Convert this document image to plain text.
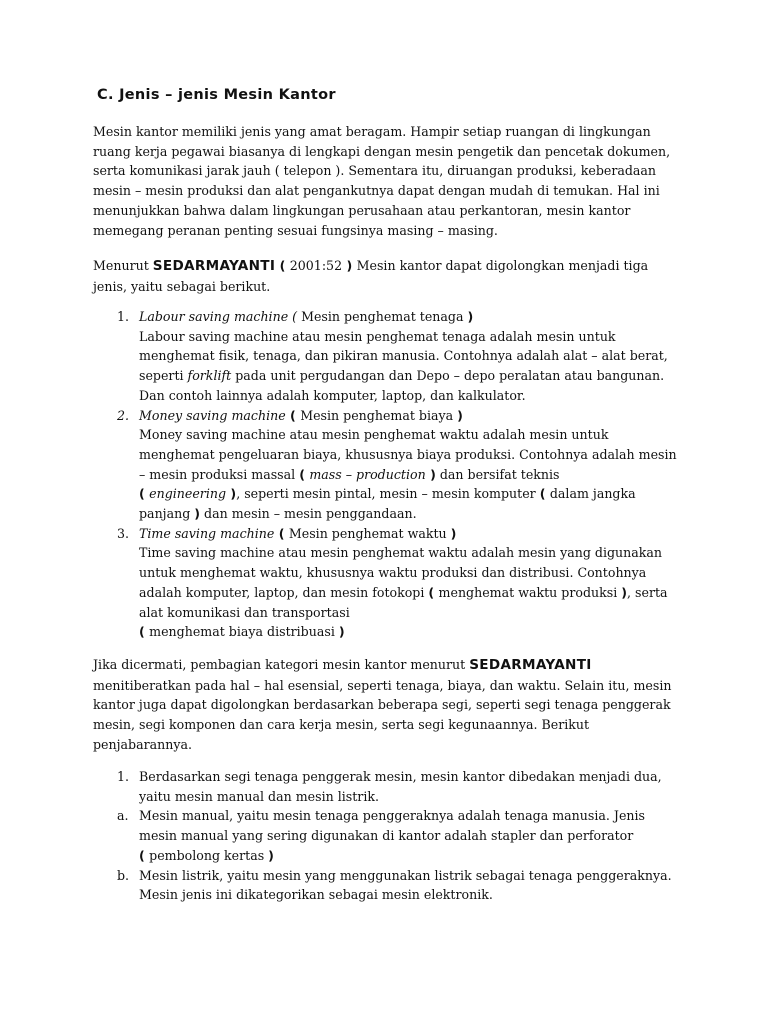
C. Jenis – jenis Mesin Kantor

Mesin kantor memiliki jenis yang amat beragam. Hampir setiap ruangan di lingkungan ruang kerja pegawai biasanya di lengkapi dengan mesin pengetik dan pencetak dokumen, serta komunikasi jarak jauh ( telepon ). Sementara itu, diruangan produksi, keberadaan mesin – mesin produksi dan alat pengankutnya dapat dengan mudah di temukan. Hal ini menunjukkan bahwa dalam lingkungan perusahaan atau perkantoran, mesin kantor memegang peranan penting sesuai fungsinya masing – masing.

Menurut SEDARMAYANTI ( 2001:52 ) Mesin kantor dapat digolongkan menjadi tiga jenis, yaitu sebagai berikut.

1. Labour saving machine ( Mesin penghemat tenaga )
Labour saving machine atau mesin penghemat tenaga adalah mesin untuk menghemat fisik, tenaga, dan pikiran manusia. Contohnya adalah alat – alat berat, seperti forklift pada unit pergudangan dan Depo – depo peralatan atau bangunan. Dan contoh lainnya adalah komputer, laptop, dan kalkulator.
2. Money saving machine ( Mesin penghemat biaya )
Money saving machine atau mesin penghemat waktu adalah mesin untuk menghemat pengeluaran biaya, khususnya biaya produksi. Contohnya adalah mesin – mesin produksi massal ( mass – production ) dan bersifat teknis
( engineering ), seperti mesin pintal, mesin – mesin komputer ( dalam jangka panjang ) dan mesin – mesin penggandaan.
3. Time saving machine ( Mesin penghemat waktu )
Time saving machine atau mesin penghemat waktu adalah mesin yang digunakan untuk menghemat waktu, khususnya waktu produksi dan distribusi. Contohnya adalah komputer, laptop, dan mesin fotokopi ( menghemat waktu produksi ), serta alat komunikasi dan transportasi
( menghemat biaya distribuasi )

Jika dicermati, pembagian kategori mesin kantor menurut SEDARMAYANTI menitiberatkan pada hal – hal esensial, seperti tenaga, biaya, dan waktu. Selain itu, mesin kantor juga dapat digolongkan berdasarkan beberapa segi, seperti segi tenaga penggerak mesin, segi komponen dan cara kerja mesin, serta segi kegunaannya. Berikut penjabarannya.

1. Berdasarkan segi tenaga penggerak mesin, mesin kantor dibedakan menjadi dua, yaitu mesin manual dan mesin listrik.
a. Mesin manual, yaitu mesin tenaga penggeraknya adalah tenaga manusia. Jenis mesin manual yang sering digunakan di kantor adalah stapler dan perforator
( pembolong kertas )
b. Mesin listrik, yaitu mesin yang menggunakan listrik sebagai tenaga penggeraknya. Mesin jenis ini dikategorikan sebagai mesin elektronik.
